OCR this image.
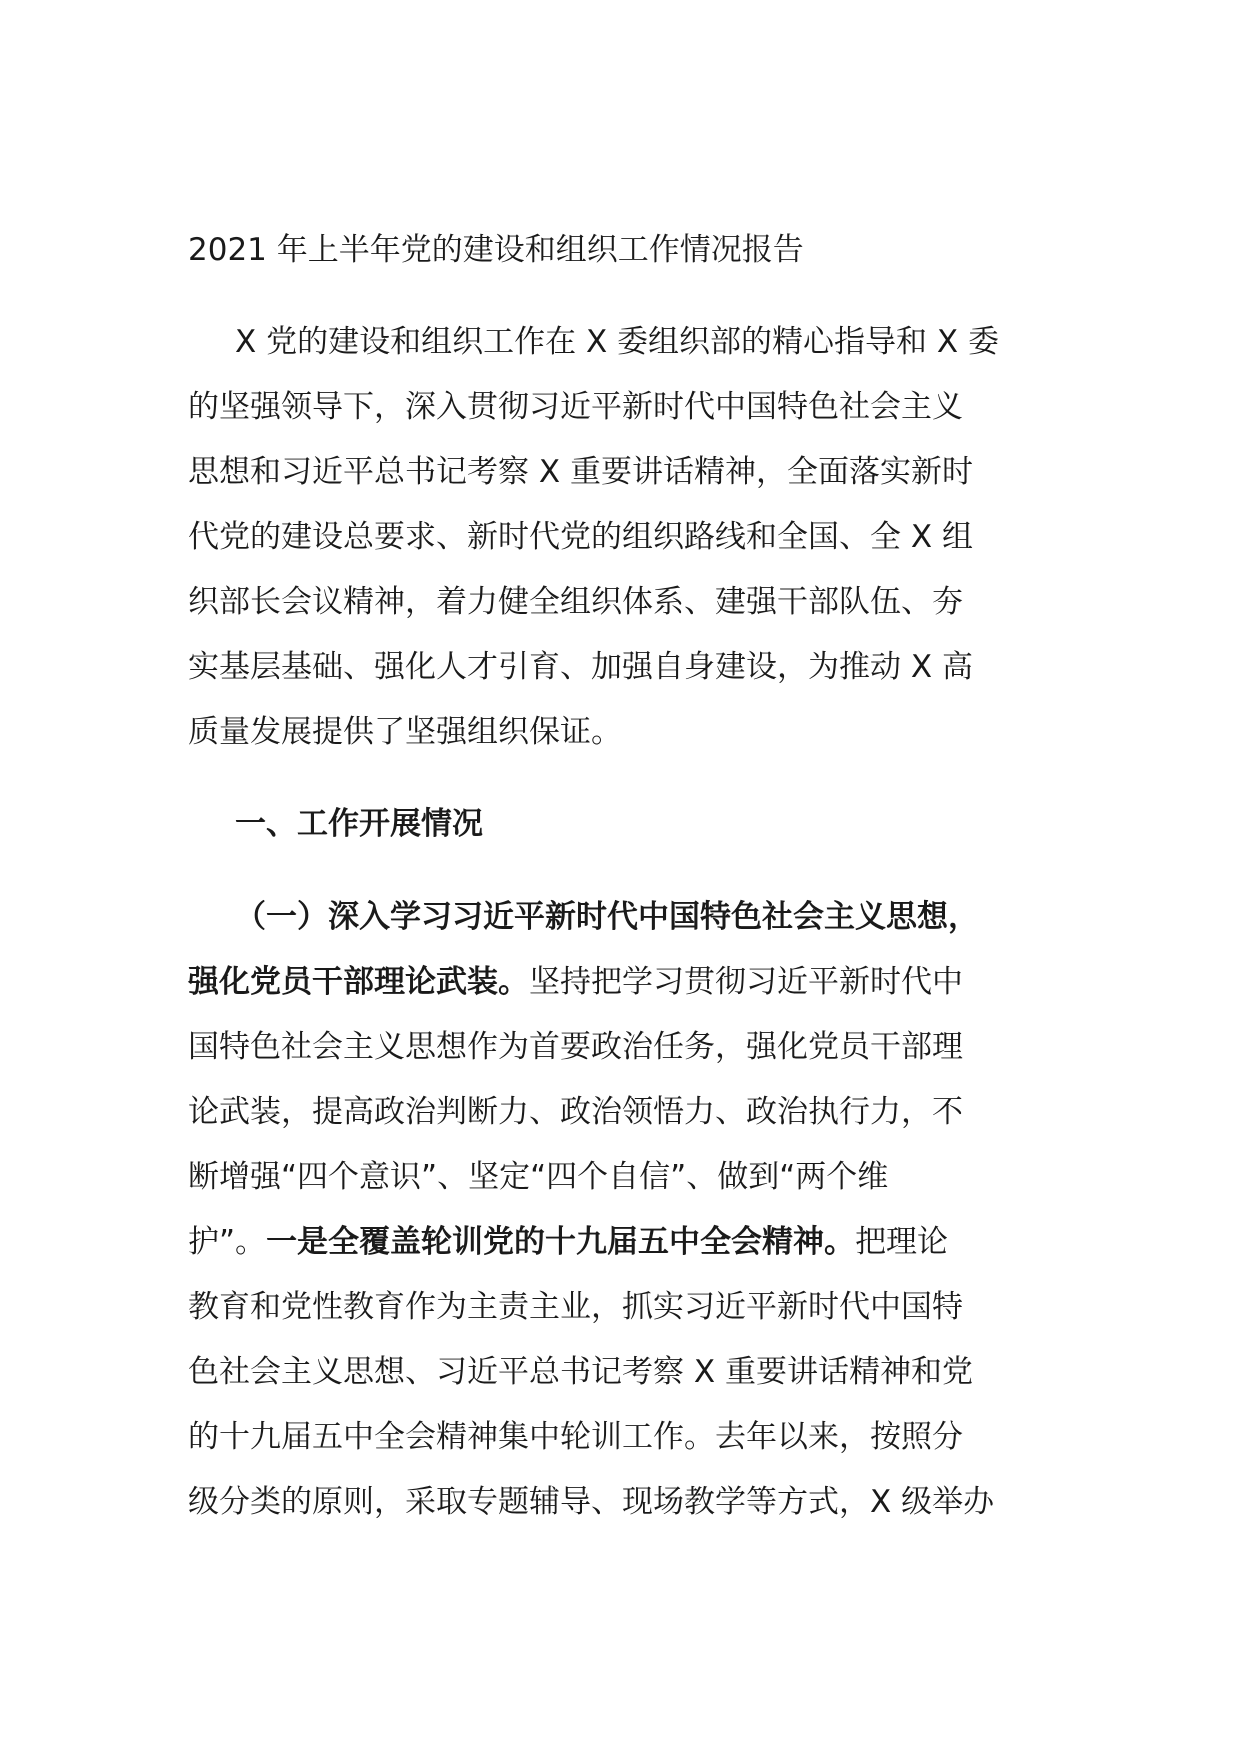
2021 年上半年党的建设和组织工作情况报告
X 党的建设和组织工作在 X 委组织部的精心指导和 X 委
的坚强领导下，深入贯彻习近平新时代中国特色社会主义
思想和习近平总书记考察 X 重要讲话精神，全面落实新时
代党的建设总要求、新时代党的组织路线和全国、全 X 组
织部长会议精神，着力健全组织体系、建强干部队伍、夯
实基层基础、强化人才引育、加强自身建设，为推动 X 高
质量发展提供了坚强组织保证。
一、工作开展情况
（一）深入学习习近平新时代中国特色社会主义思想，
强化党员干部理论武装。坚持把学习贯彻习近平新时代中
国特色社会主义思想作为首要政治任务，强化党员干部理
论武装，提高政治判断力、政治领悟力、政治执行力，不
断增强“四个意识”、坚定“四个自信”、做到“两个维
护”。一是全覆盖轮训党的十九届五中全会精神。把理论
教育和党性教育作为主责主业，抓实习近平新时代中国特
色社会主义思想、习近平总书记考察 X 重要讲话精神和党
的十九届五中全会精神集中轮训工作。去年以来，按照分
级分类的原则，采取专题辅导、现场教学等方式，X 级举办
